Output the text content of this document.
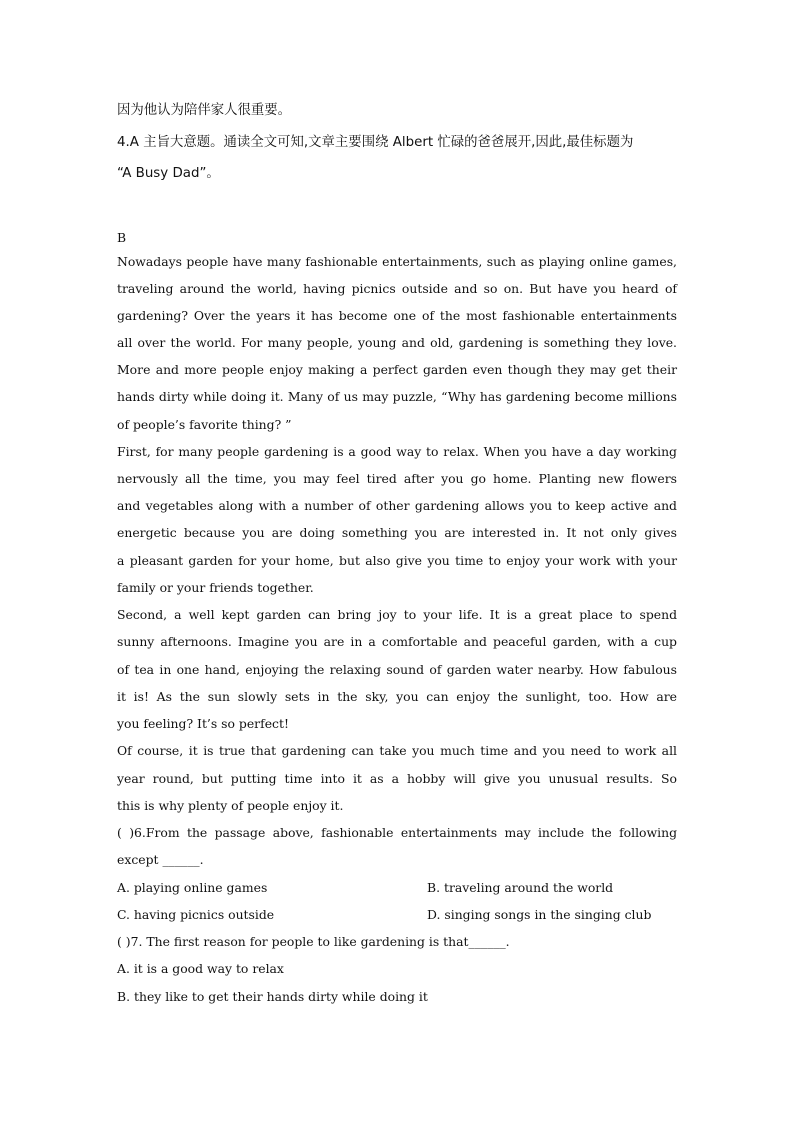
因为他认为陪伴家人很重要。
4.A 主旨大意题。通读全文可知,文章主要围绕 Albert 忙碌的爸爸展开,因此,最佳标题为
“A Busy Dad”。
B
Nowadays people have many fashionable entertainments, such as playing online games,
traveling around the world, having picnics outside and so on. But have you heard of
gardening? Over the years it has become one of the most fashionable entertainments
all over the world. For many people, young and old, gardening is something they love.
More and more people enjoy making a perfect garden even though they may get their
hands dirty while doing it. Many of us may puzzle, “Why has gardening become millions
of people’s favorite thing? ”
First, for many people gardening is a good way to relax. When you have a day working
nervously all the time, you may feel tired after you go home. Planting new flowers
and vegetables along with a number of other gardening allows you to keep active and
energetic because you are doing something you are interested in. It not only gives
a pleasant garden for your home, but also give you time to enjoy your work with your
family or your friends together.
Second, a well kept garden can bring joy to your life. It is a great place to spend
sunny afternoons. Imagine you are in a comfortable and peaceful garden, with a cup
of tea in one hand, enjoying the relaxing sound of garden water nearby. How fabulous
it is! As the sun slowly sets in the sky, you can enjoy the sunlight, too. How are
you feeling? It’s so perfect!
Of course, it is true that gardening can take you much time and you need to work all
year round, but putting time into it as a hobby will give you unusual results. So
this is why plenty of people enjoy it.
( )6.From the passage above, fashionable entertainments may include the following
except ______.
A. playing online games	B. traveling around the world
C. having picnics outside	D. singing songs in the singing club
( )7. The first reason for people to like gardening is that______.
A. it is a good way to relax
B. they like to get their hands dirty while doing it
